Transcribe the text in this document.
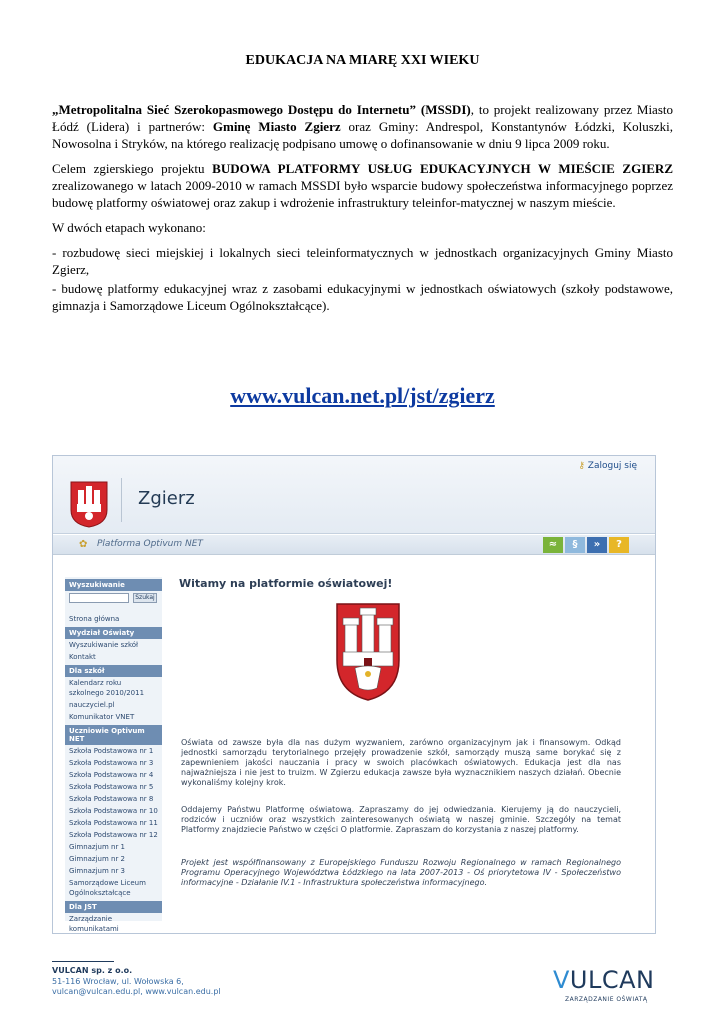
EDUKACJA NA MIARĘ XXI WIEKU

„Metropolitalna Sieć Szerokopasmowego Dostępu do Internetu” (MSSDI), to projekt realizowany przez Miasto Łódź (Lidera) i partnerów: Gminę Miasto Zgierz oraz Gminy: Andrespol, Konstantynów Łódzki, Koluszki, Nowosolna i Stryków, na którego realizację podpisano umowę o dofinansowanie w dniu 9 lipca 2009 roku.

Celem zgierskiego projektu BUDOWA PLATFORMY USŁUG EDUKACYJNYCH W MIEŚCIE ZGIERZ zrealizowanego w latach 2009-2010 w ramach MSSDI było wsparcie budowy społeczeństwa informacyjnego poprzez budowę platformy oświatowej oraz zakup i wdrożenie infrastruktury teleinfor-matycznej w naszym mieście.

W dwóch etapach wykonano:

- rozbudowę sieci miejskiej i lokalnych sieci teleinformatycznych w jednostkach organizacyjnych Gminy Miasto Zgierz,

- budowę platformy edukacyjnej wraz z zasobami edukacyjnymi w jednostkach oświatowych (szkoły podstawowe, gimnazja i Samorządowe Liceum Ogólnokształcące).

www.vulcan.net.pl/jst/zgierz
⚷ Zaloguj się
Zgierz
✿ Platforma Optivum NET	≈	§	»	?
Wyszukiwanie
Szukaj
Strona główna
Wydział Oświaty
Wyszukiwanie szkół
Kontakt
Dla szkół
Kalendarz roku szkolnego 2010/2011
nauczyciel.pl
Komunikator VNET
Uczniowie Optivum NET
Szkoła Podstawowa nr 1
Szkoła Podstawowa nr 3
Szkoła Podstawowa nr 4
Szkoła Podstawowa nr 5
Szkoła Podstawowa nr 8
Szkoła Podstawowa nr 10
Szkoła Podstawowa nr 11
Szkoła Podstawowa nr 12
Gimnazjum nr 1
Gimnazjum nr 2
Gimnazjum nr 3
Samorządowe Liceum Ogólnokształcące
Dla JST
Zarządzanie komunikatami
Witamy na platformie oświatowej!
Oświata od zawsze była dla nas dużym wyzwaniem, zarówno organizacyjnym jak i finansowym. Odkąd jednostki samorządu terytorialnego przejęły prowadzenie szkół, samorządy muszą same borykać się z zapewnieniem jakości nauczania i pracy w swoich placówkach oświatowych. Edukacja jest dla nas najważniejsza i nie jest to truizm. W Zgierzu edukacja zawsze była wyznacznikiem naszych działań. Obecnie wykonaliśmy kolejny krok.
Oddajemy Państwu Platformę oświatową. Zapraszamy do jej odwiedzania. Kierujemy ją do nauczycieli, rodziców i uczniów oraz wszystkich zainteresowanych oświatą w naszej gminie. Szczegóły na temat Platformy znajdziecie Państwo w części O platformie. Zapraszam do korzystania z naszej platformy.
Projekt jest współfinansowany z Europejskiego Funduszu Rozwoju Regionalnego w ramach Regionalnego Programu Operacyjnego Województwa Łódzkiego na lata 2007-2013 - Oś priorytetowa IV - Społeczeństwo informacyjne - Działanie IV.1 - Infrastruktura społeczeństwa informacyjnego.
VULCAN sp. z o.o.
51-116 Wrocław, ul. Wołowska 6,
vulcan@vulcan.edu.pl, www.vulcan.edu.pl	VULCAN
ZARZĄDZANIE OŚWIATĄ
